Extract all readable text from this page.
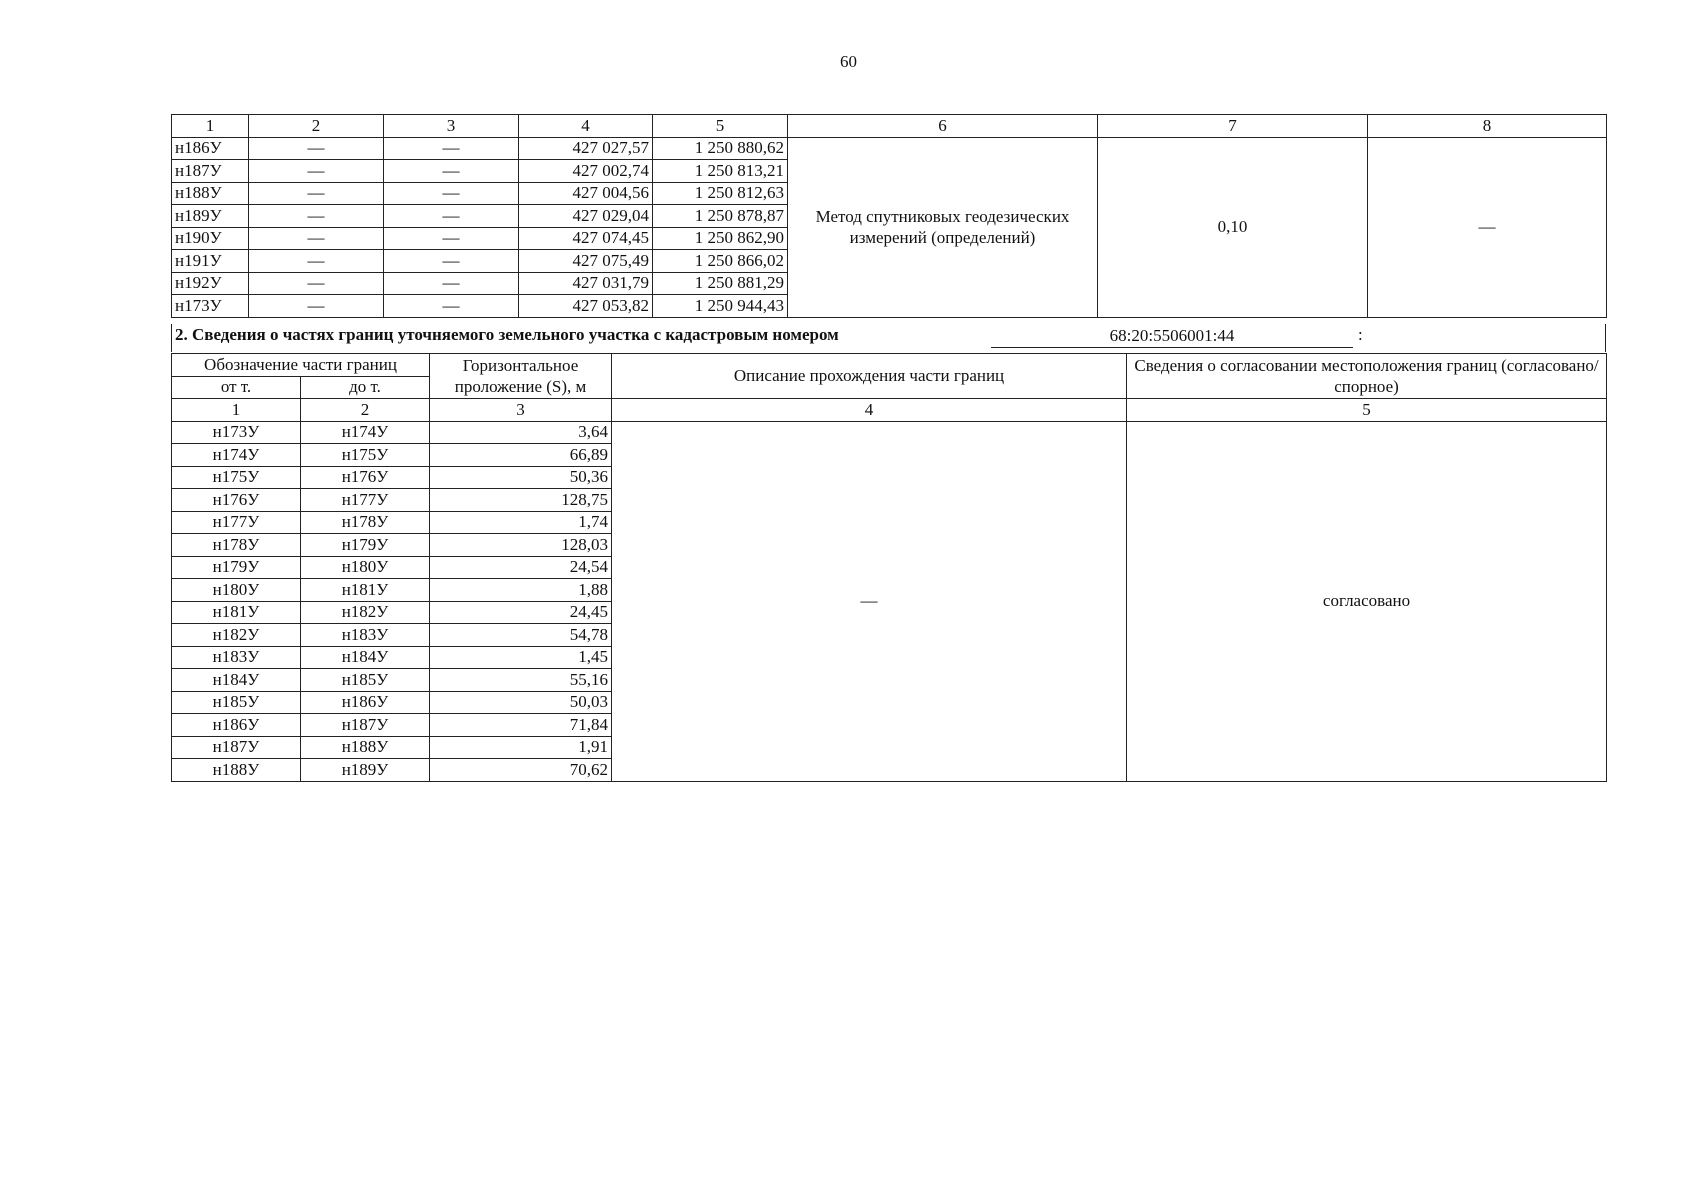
60
1	2	3	4	5	6	7	8
н186У	—	—	427 027,57	1 250 880,62	Метод спутниковых геодезических измерений (определений)	0,10	—
н187У	—	—	427 002,74	1 250 813,21			
н188У	—	—	427 004,56	1 250 812,63			
н189У	—	—	427 029,04	1 250 878,87			
н190У	—	—	427 074,45	1 250 862,90			
н191У	—	—	427 075,49	1 250 866,02			
н192У	—	—	427 031,79	1 250 881,29			
н173У	—	—	427 053,82	1 250 944,43			
2. Сведения о частях границ уточняемого земельного участка с кадастровым номером	68:20:5506001:44	:
Обозначение части границ		Горизонтальное проложение (S), м	Описание прохождения части границ	Сведения о согласовании местоположения границ (согласовано/спорное)
от т.	до т.			
1	2	3	4	5
н173У	н174У	3,64	—	согласовано
н174У	н175У	66,89		
н175У	н176У	50,36		
н176У	н177У	128,75		
н177У	н178У	1,74		
н178У	н179У	128,03		
н179У	н180У	24,54		
н180У	н181У	1,88		
н181У	н182У	24,45		
н182У	н183У	54,78		
н183У	н184У	1,45		
н184У	н185У	55,16		
н185У	н186У	50,03		
н186У	н187У	71,84		
н187У	н188У	1,91		
н188У	н189У	70,62		
